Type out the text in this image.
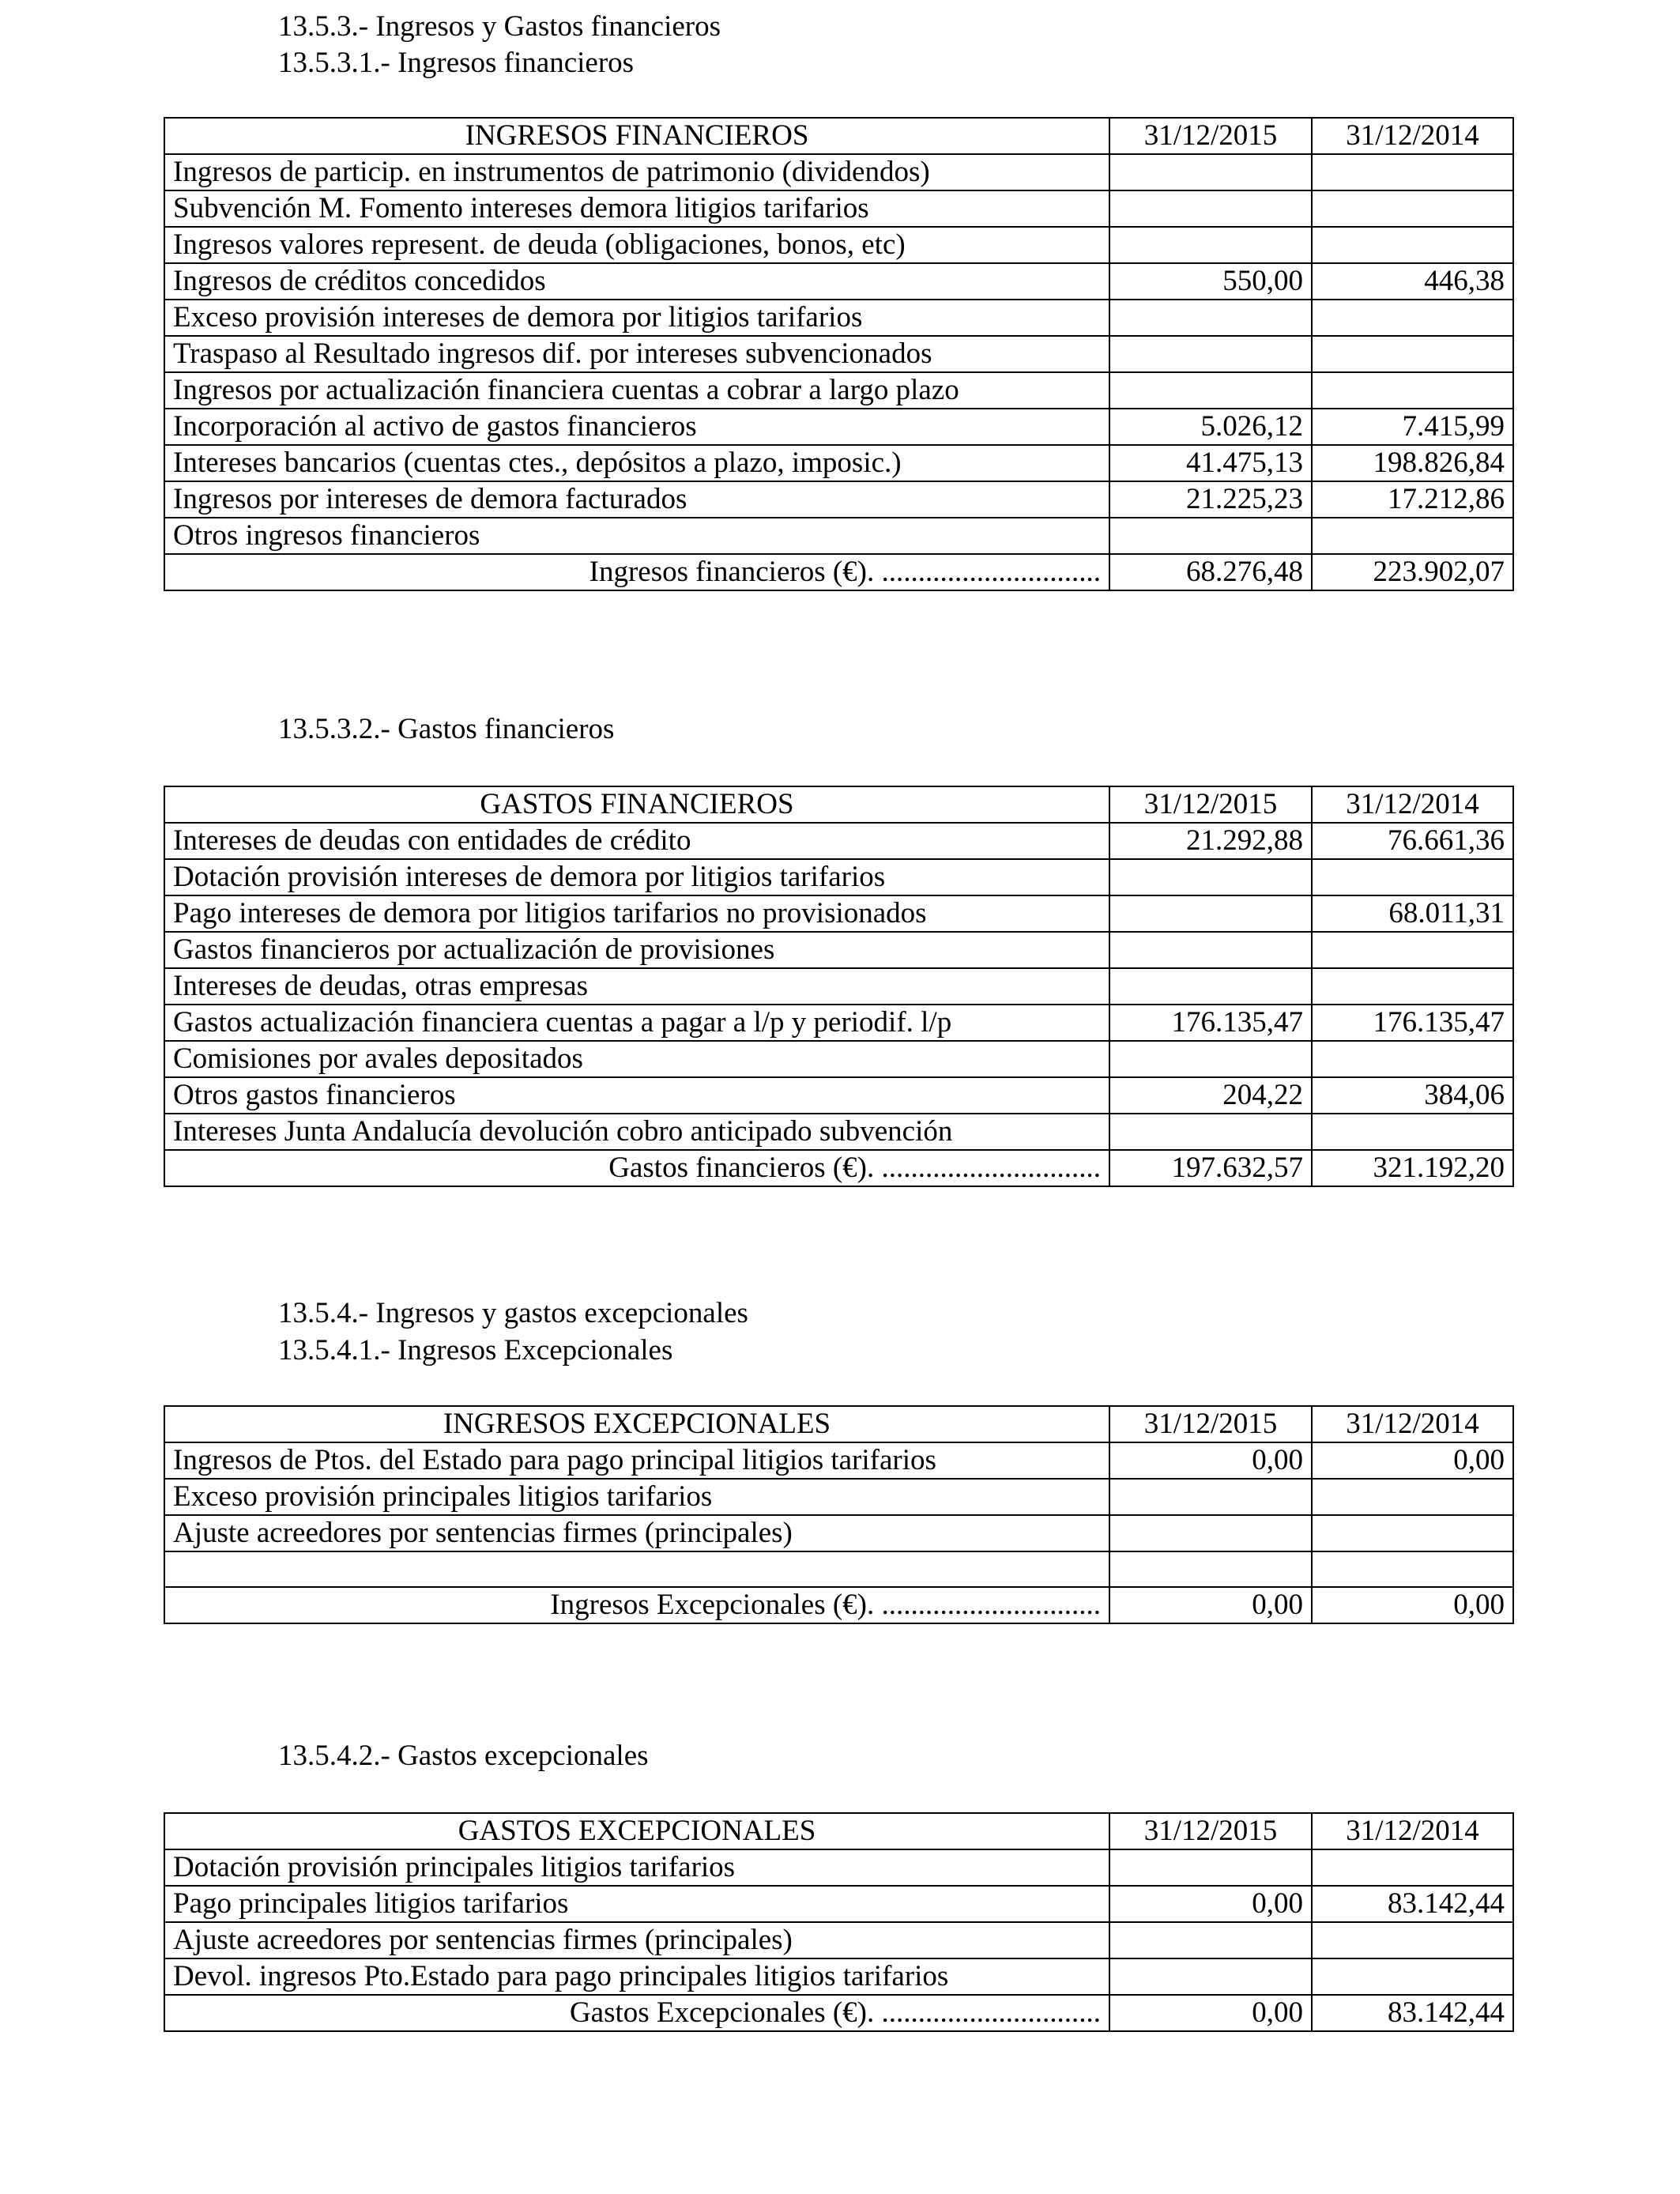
13.5.3.- Ingresos y Gastos financieros
13.5.3.1.- Ingresos financieros
INGRESOS FINANCIEROS	31/12/2015	31/12/2014
Ingresos de particip. en instrumentos de patrimonio (dividendos)		
Subvención M. Fomento intereses demora litigios tarifarios		
Ingresos valores represent. de deuda (obligaciones, bonos, etc)		
Ingresos de créditos concedidos	550,00	446,38
Exceso provisión intereses de demora por litigios tarifarios		
Traspaso al Resultado ingresos dif. por intereses subvencionados		
Ingresos por actualización financiera cuentas a cobrar a largo plazo		
Incorporación al activo de gastos financieros	5.026,12	7.415,99
Intereses bancarios (cuentas ctes., depósitos a plazo, imposic.)	41.475,13	198.826,84
Ingresos por intereses de demora facturados	21.225,23	17.212,86
Otros ingresos financieros		
Ingresos financieros (€). ..............................	68.276,48	223.902,07
13.5.3.2.- Gastos financieros
GASTOS FINANCIEROS	31/12/2015	31/12/2014
Intereses de deudas con entidades de crédito	21.292,88	76.661,36
Dotación provisión intereses de demora por litigios tarifarios		
Pago intereses de demora por litigios tarifarios no provisionados		68.011,31
Gastos financieros por actualización de provisiones		
Intereses de deudas, otras empresas		
Gastos actualización financiera cuentas a pagar a l/p y periodif. l/p	176.135,47	176.135,47
Comisiones por avales depositados		
Otros gastos financieros	204,22	384,06
Intereses Junta Andalucía devolución cobro anticipado subvención		
Gastos financieros (€). ..............................	197.632,57	321.192,20
13.5.4.- Ingresos y gastos excepcionales
13.5.4.1.- Ingresos Excepcionales
INGRESOS EXCEPCIONALES	31/12/2015	31/12/2014
Ingresos de Ptos. del Estado para pago principal litigios tarifarios	0,00	0,00
Exceso provisión principales litigios tarifarios		
Ajuste acreedores por sentencias firmes (principales)		

Ingresos Excepcionales (€). ..............................	0,00	0,00
13.5.4.2.- Gastos excepcionales
GASTOS EXCEPCIONALES	31/12/2015	31/12/2014
Dotación provisión principales litigios tarifarios		
Pago principales litigios tarifarios	0,00	83.142,44
Ajuste acreedores por sentencias firmes (principales)		
Devol. ingresos Pto.Estado para pago principales litigios tarifarios		
Gastos Excepcionales (€). ..............................	0,00	83.142,44
